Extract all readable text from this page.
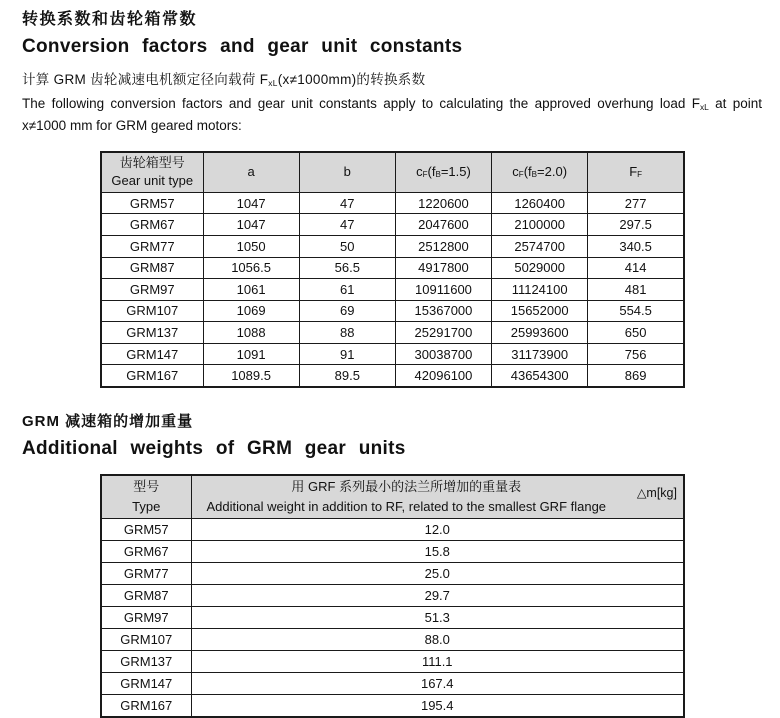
转换系数和齿轮箱常数
Conversion factors and gear unit constants

计算 GRM 齿轮减速电机额定径向载荷 $F_{xL}(x\ne 1000mm)$的转换系数

The following conversion factors and gear unit constants apply to calculating the approved overhung load $F_{xL}$ at point x≠1000 mm for GRM geared motors:

齿轮箱型号
Gear unit type	a	b	$c_F(f_B=1.5)$	$c_F(f_B=2.0)$	$F_F$
GRM57	1047	47	1220600	1260400	277
GRM67	1047	47	2047600	2100000	297.5
GRM77	1050	50	2512800	2574700	340.5
GRM87	1056.5	56.5	4917800	5029000	414
GRM97	1061	61	10911600	11124100	481
GRM107	1069	69	15367000	15652000	554.5
GRM137	1088	88	25291700	25993600	650
GRM147	1091	91	30038700	31173900	756
GRM167	1089.5	89.5	42096100	43654300	869
GRM 减速箱的增加重量
Additional weights of GRM gear units
型号
Type	用 GRF 系列最小的法兰所增加的重量表
Additional weight in addition to RF, related to the smallest GRF flange
△m[kg]

GRM57	12.0
GRM67	15.8
GRM77	25.0
GRM87	29.7
GRM97	51.3
GRM107	88.0
GRM137	111.1
GRM147	167.4
GRM167	195.4
